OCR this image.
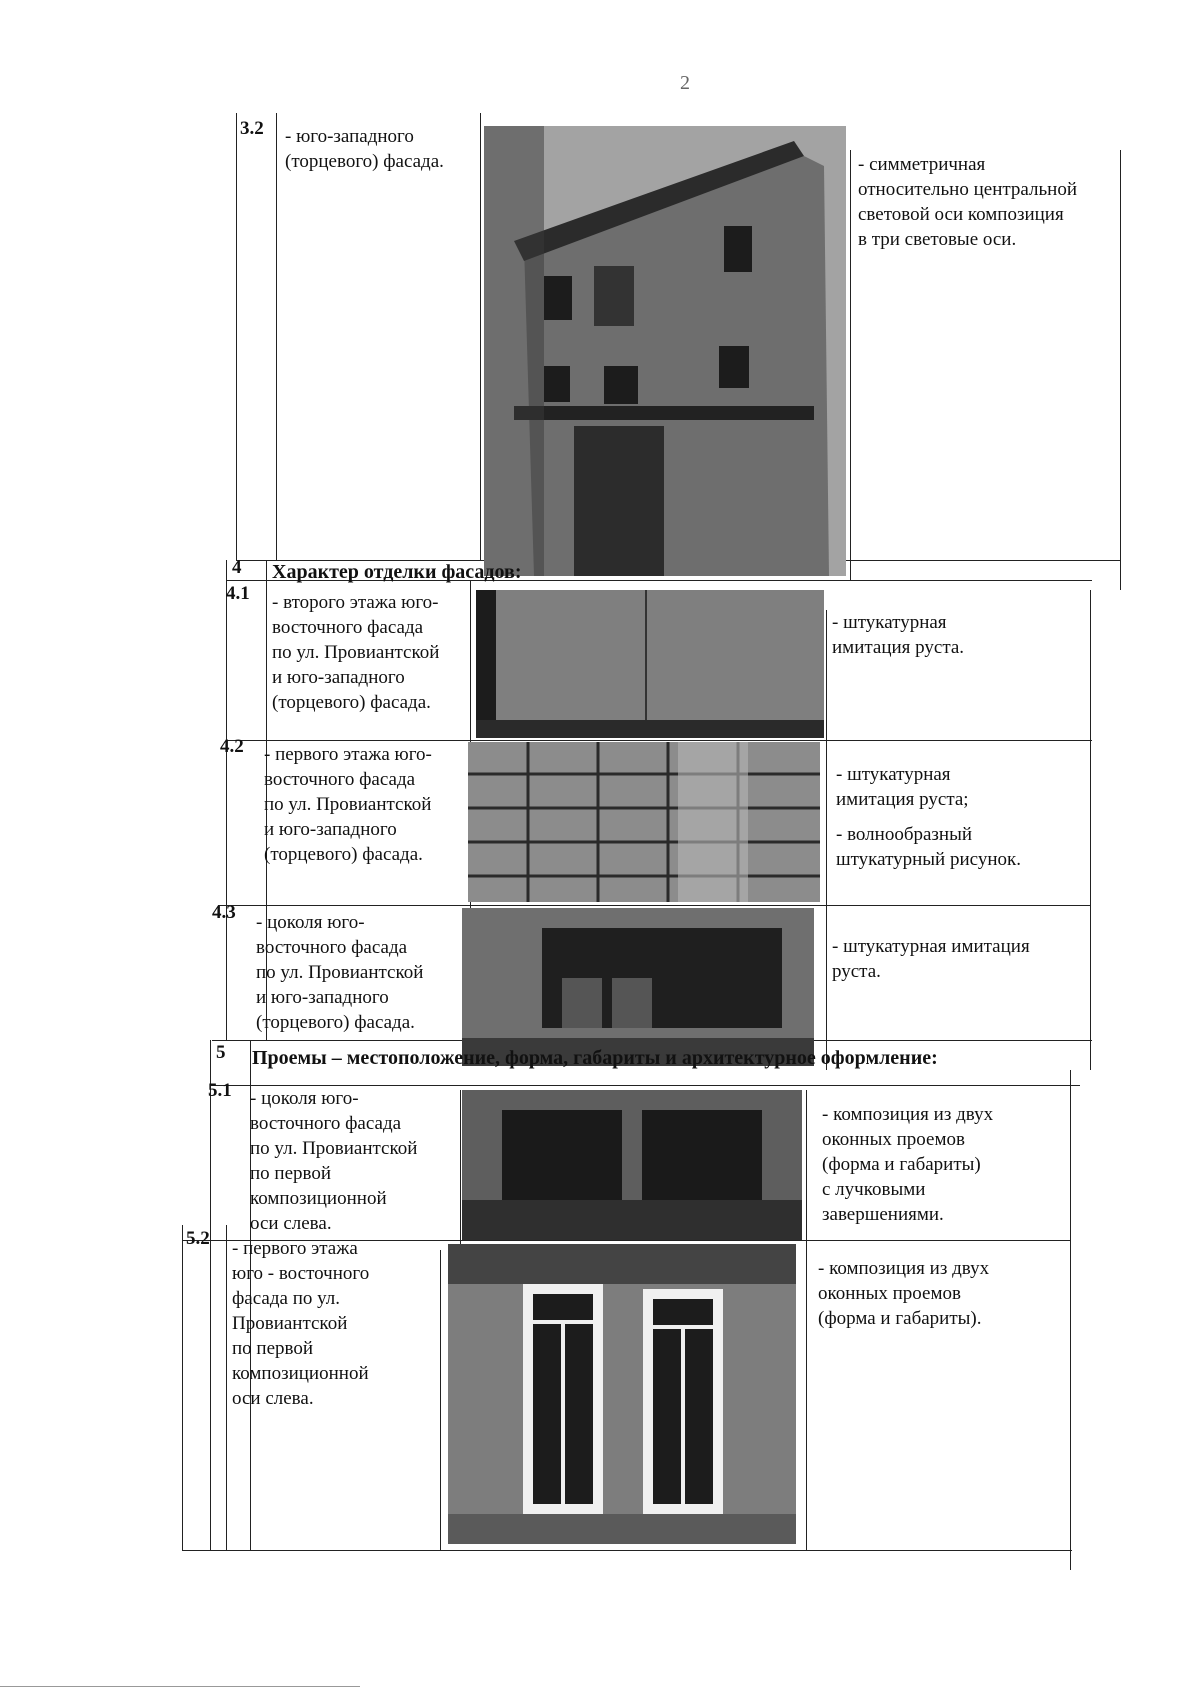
2
3.2 - юго-западного
(торцевого) фасада.	- симметричная
относительно центральной
световой оси композиция
в три световые оси.
4 Характер отделки фасадов:
4.1 - второго этажа юго-
восточного фасада
по ул. Провиантской
и юго-западного
(торцевого) фасада.
- штукатурная
имитация руста.
4.2 - первого этажа юго-
восточного фасада
по ул. Провиантской
и юго-западного
(торцевого) фасада.
- штукатурная
имитация руста;
- волнообразный
штукатурный рисунок.
4.3 - цоколя юго-
восточного фасада
по ул. Провиантской
и юго-западного
(торцевого) фасада.
- штукатурная имитация
руста.
5 Проемы – местоположение, форма, габариты и архитектурное оформление:
5.1 - цоколя юго-
восточного фасада
по ул. Провиантской
по первой
композиционной
оси слева.
- композиция из двух
оконных проемов
(форма и габариты)
с лучковыми
завершениями.
5.2 - первого этажа
юго - восточного
фасада по ул.
Провиантской
по первой
композиционной
оси слева.
- композиция из двух
оконных проемов
(форма и габариты).
